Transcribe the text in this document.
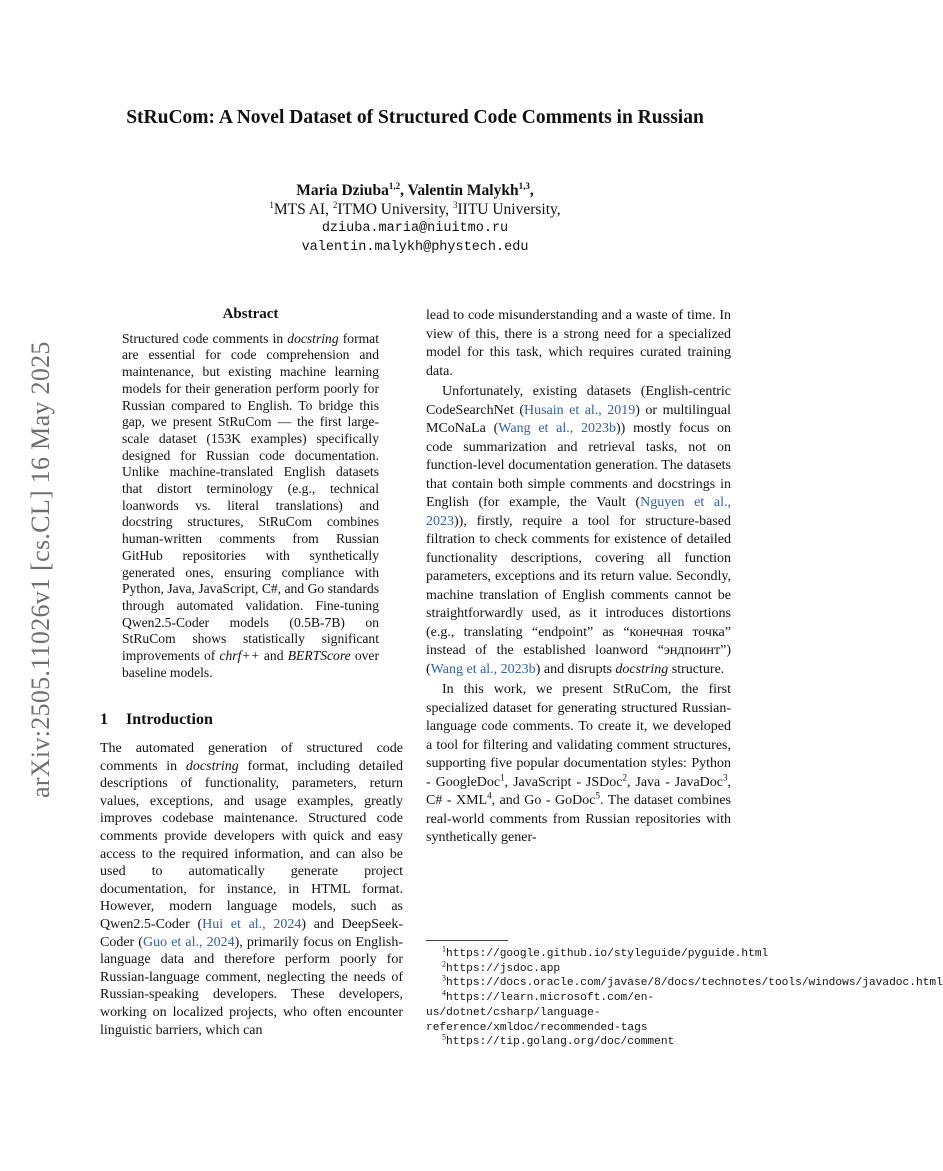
arXiv:2505.11026v1 [cs.CL] 16 May 2025
StRuCom: A Novel Dataset of Structured Code Comments in Russian
Maria Dziuba$^{1,2}$, Valentin Malykh$^{1,3}$,
$^1$MTS AI, $^2$ITMO University, $^3$IITU University,
dziuba.maria@niuitmo.ru
valentin.malykh@phystech.edu
Abstract

Structured code comments in docstring format are essential for code comprehension and maintenance, but existing machine learning models for their generation perform poorly for Russian compared to English. To bridge this gap, we present StRuCom — the first large-scale dataset (153K examples) specifically designed for Russian code documentation. Unlike machine-translated English datasets that distort terminology (e.g., technical loanwords vs. literal translations) and docstring structures, StRuCom combines human-written comments from Russian GitHub repositories with synthetically generated ones, ensuring compliance with Python, Java, JavaScript, C#, and Go standards through automated validation. Fine-tuning Qwen2.5-Coder models (0.5B-7B) on StRuCom shows statistically significant improvements of chrf++ and BERTScore over baseline models.

1 Introduction

The automated generation of structured code comments in docstring format, including detailed descriptions of functionality, parameters, return values, exceptions, and usage examples, greatly improves codebase maintenance. Structured code comments provide developers with quick and easy access to the required information, and can also be used to automatically generate project documentation, for instance, in HTML format. However, modern language models, such as Qwen2.5-Coder (Hui et al., 2024) and DeepSeek-Coder (Guo et al., 2024), primarily focus on English-language data and therefore perform poorly for Russian-language comment, neglecting the needs of Russian-speaking developers. These developers, working on localized projects, who often encounter linguistic barriers, which can

lead to code misunderstanding and a waste of time. In view of this, there is a strong need for a specialized model for this task, which requires curated training data.

Unfortunately, existing datasets (English-centric CodeSearchNet (Husain et al., 2019) or multilingual MCoNaLa (Wang et al., 2023b)) mostly focus on code summarization and retrieval tasks, not on function-level documentation generation. The datasets that contain both simple comments and docstrings in English (for example, the Vault (Nguyen et al., 2023)), firstly, require a tool for structure-based filtration to check comments for existence of detailed functionality descriptions, covering all function parameters, exceptions and its return value. Secondly, machine translation of English comments cannot be straightforwardly used, as it introduces distortions (e.g., translating “endpoint” as “конечная точка” instead of the established loanword “эндпоинт”) (Wang et al., 2023b) and disrupts docstring structure.

In this work, we present StRuCom, the first specialized dataset for generating structured Russian-language code comments. To create it, we developed a tool for filtering and validating comment structures, supporting five popular documentation styles: Python - GoogleDoc$^1$, JavaScript - JSDoc$^2$, Java - JavaDoc$^3$, C# - XML$^4$, and Go - GoDoc$^5$. The dataset combines real-world comments from Russian repositories with synthetically gener-

$^1$https://google.github.io/styleguide/pyguide.html
$^2$https://jsdoc.app
$^3$https://docs.oracle.com/javase/8/docs/technotes/tools/windows/javadoc.html
$^4$https://learn.microsoft.com/en-us/dotnet/csharp/language-reference/xmldoc/recommended-tags
$^5$https://tip.golang.org/doc/comment
